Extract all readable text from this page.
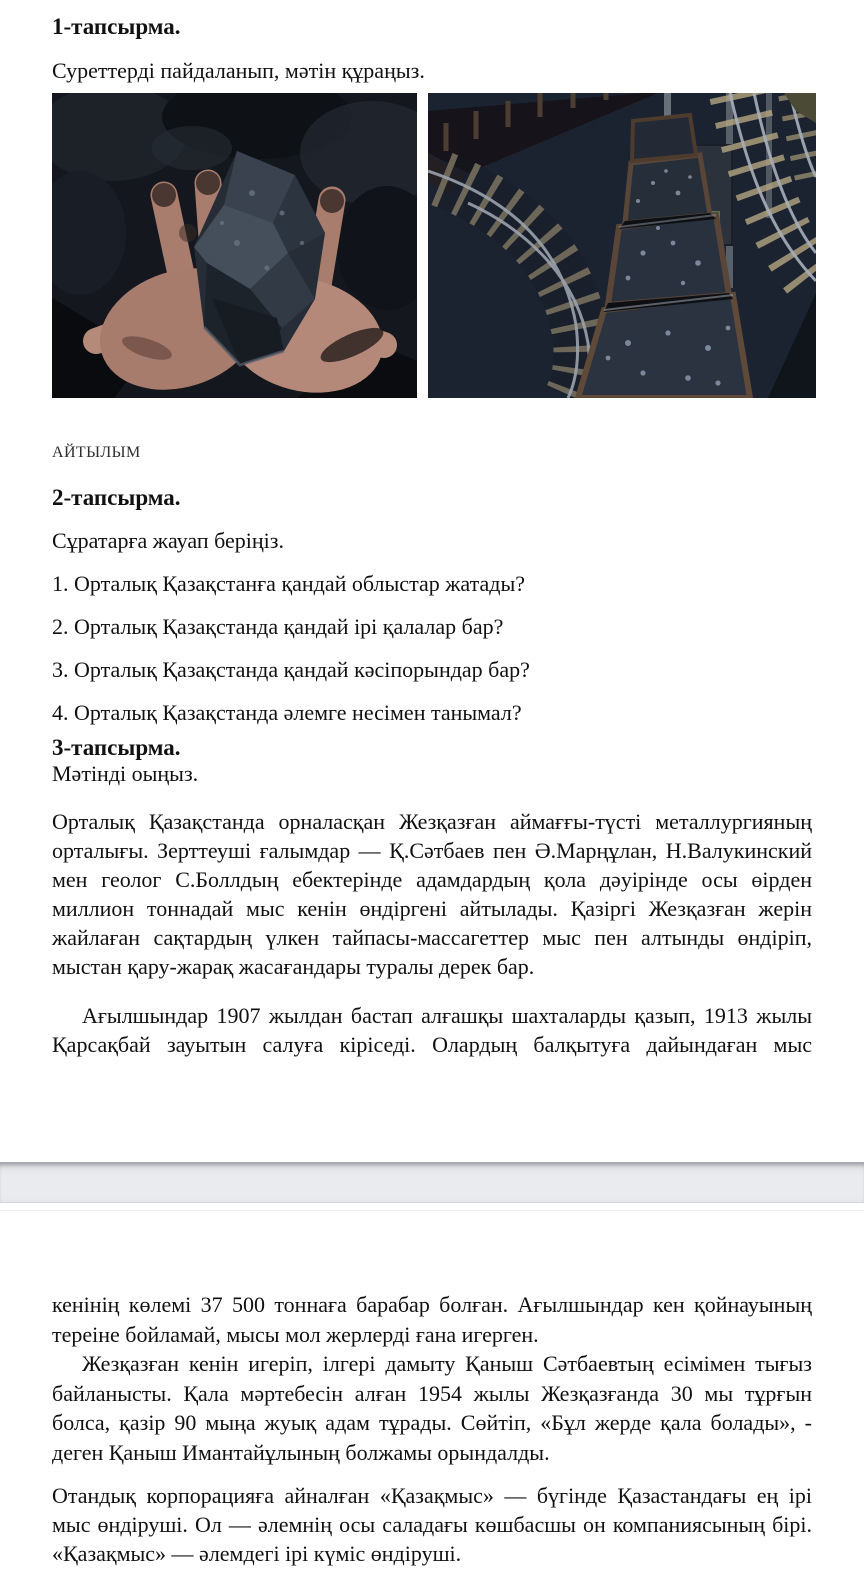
1-тапсырма.

Суреттерді пайдаланып, мәтін құраңыз.

АЙТЫЛЫМ

2-тапсырма.

Сұратарға жауап беріңіз.

1. Орталық Қазақстанға қандай облыстар жатады?

2. Орталық Қазақстанда қандай ірі қалалар бар?

3. Орталық Қазақстанда қандай кәсіпорындар бар?

4. Орталық Қазақстанда әлемге несімен танымал?

3-тапсырма.

Мәтінді оыңыз.

Орталық Қазақстанда орналасқан Жезқазған аймағғы-түсті металлургияның орталығы. Зерттеуші ғалымдар — Қ.Сәтбаев пен Ә.Марңұлан, Н.Валукинский мен геолог С.Боллдың ебектерінде адамдардың қола дәуірінде осы өірден миллион тоннадай мыс кенін өндіргені айтылады. Қазіргі Жезқазған жерін жайлаған сақтардың үлкен тайпасы-массагеттер мыс пен алтынды өндіріп, мыстан қару-жарақ жасағандары туралы дерек бар.

Ағылшындар 1907 жылдан бастап алғашқы шахталарды қазып, 1913 жылы Қарсақбай зауытын салуға кіріседі. Олардың балқытуға дайындаған мыс

кенінің көлемі 37 500 тоннаға барабар болған. Ағылшындар кен қойнауының тереіне бойламай, мысы мол жерлерді ғана игерген.

Жезқазған кенін игеріп, ілгері дамыту Қаныш Сәтбаевтың есімімен тығыз байланысты. Қала мәртебесін алған 1954 жылы Жезқазғанда 30 мы тұрғын болса, қазір 90 мыңа жуық адам тұрады. Сөйтіп, «Бұл жерде қала болады», - деген Қаныш Имантайұлының болжамы орындалды.

Отандық корпорацияға айналған «Қазақмыс» — бүгінде Қазастандағы ең ірі мыс өндіруші. Ол — әлемнің осы саладағы көшбасшы он компаниясының бірі. «Қазақмыс» — әлемдегі ірі күміс өндіруші.
